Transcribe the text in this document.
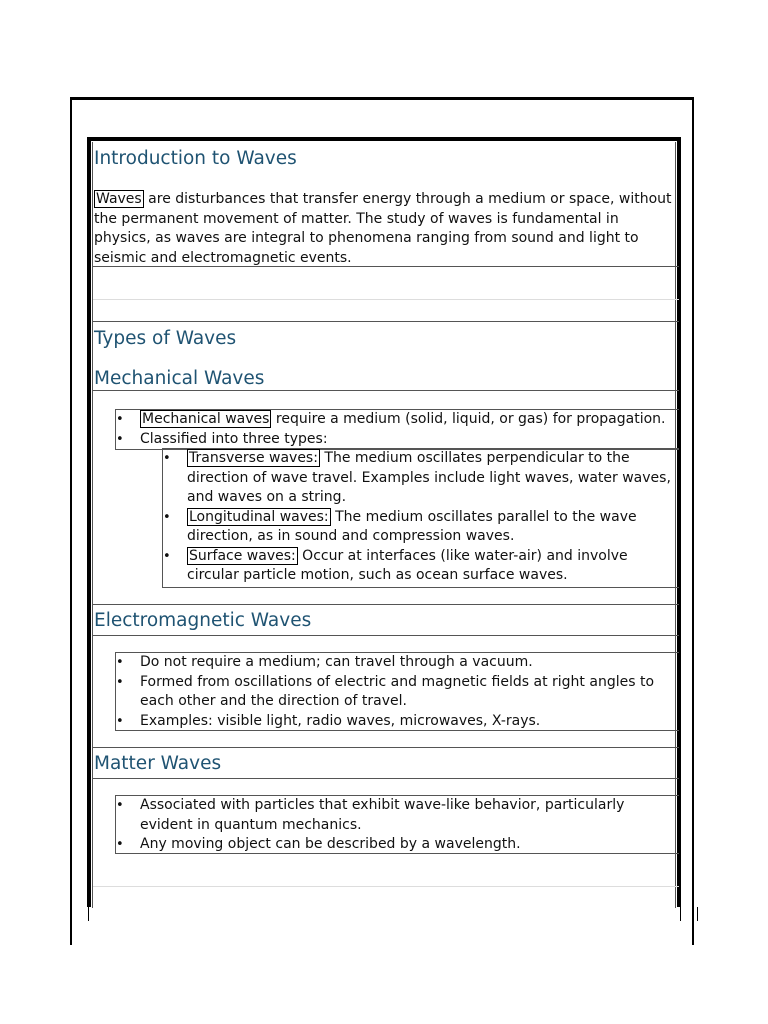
Introduction to Waves

Waves are disturbances that transfer energy through a medium or space, without the permanent movement of matter. The study of waves is fundamental in physics, as waves are integral to phenomena ranging from sound and light to seismic and electromagnetic events.

Types of Waves
Mechanical Waves
• Mechanical waves require a medium (solid, liquid, or gas) for propagation.
• Classified into three types:
• Transverse waves: The medium oscillates perpendicular to the direction of wave travel. Examples include light waves, water waves, and waves on a string.
• Longitudinal waves: The medium oscillates parallel to the wave direction, as in sound and compression waves.
• Surface waves: Occur at interfaces (like water-air) and involve circular particle motion, such as ocean surface waves.
Electromagnetic Waves
• Do not require a medium; can travel through a vacuum.
• Formed from oscillations of electric and magnetic fields at right angles to each other and the direction of travel.
• Examples: visible light, radio waves, microwaves, X-rays.
Matter Waves
• Associated with particles that exhibit wave-like behavior, particularly evident in quantum mechanics.
• Any moving object can be described by a wavelength.
